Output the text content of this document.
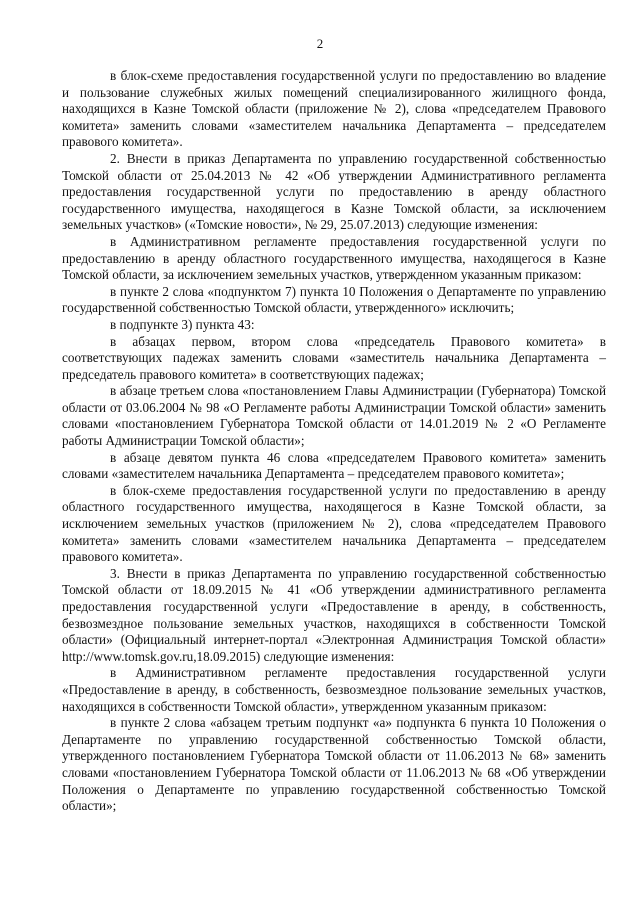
2

в блок-схеме предоставления государственной услуги по предоставлению во владение и пользование служебных жилых помещений специализированного жилищного фонда, находящихся в Казне Томской области (приложение № 2), слова «председателем Правового комитета» заменить словами «заместителем начальника Департамента – председателем правового комитета».

2. Внести в приказ Департамента по управлению государственной собственностью Томской области от 25.04.2013 № 42 «Об утверждении Административного регламента предоставления государственной услуги по предоставлению в аренду областного государственного имущества, находящегося в Казне Томской области, за исключением земельных участков» («Томские новости», № 29, 25.07.2013) следующие изменения:

в Административном регламенте предоставления государственной услуги по предоставлению в аренду областного государственного имущества, находящегося в Казне Томской области, за исключением земельных участков, утвержденном указанным приказом:

в пункте 2 слова «подпунктом 7) пункта 10 Положения о Департаменте по управлению государственной собственностью Томской области, утвержденного» исключить;

в подпункте 3) пункта 43:

в абзацах первом, втором слова «председатель Правового комитета» в соответствующих падежах заменить словами «заместитель начальника Департамента – председатель правового комитета» в соответствующих падежах;

в абзаце третьем слова «постановлением Главы Администрации (Губернатора) Томской области от 03.06.2004 № 98 «О Регламенте работы Администрации Томской области» заменить словами «постановлением Губернатора Томской области от 14.01.2019 № 2 «О Регламенте работы Администрации Томской области»;

в абзаце девятом пункта 46 слова «председателем Правового комитета» заменить словами «заместителем начальника Департамента – председателем правового комитета»;

в блок-схеме предоставления государственной услуги по предоставлению в аренду областного государственного имущества, находящегося в Казне Томской области, за исключением земельных участков (приложением № 2), слова «председателем Правового комитета» заменить словами «заместителем начальника Департамента – председателем правового комитета».

3. Внести в приказ Департамента по управлению государственной собственностью Томской области от 18.09.2015 № 41 «Об утверждении административного регламента предоставления государственной услуги «Предоставление в аренду, в собственность, безвозмездное пользование земельных участков, находящихся в собственности Томской области» (Официальный интернет-портал «Электронная Администрация Томской области» http://www.tomsk.gov.ru,18.09.2015) следующие изменения:

в Административном регламенте предоставления государственной услуги «Предоставление в аренду, в собственность, безвозмездное пользование земельных участков, находящихся в собственности Томской области», утвержденном указанным приказом:

в пункте 2 слова «абзацем третьим подпункт «а» подпункта 6 пункта 10 Положения о Департаменте по управлению государственной собственностью Томской области, утвержденного постановлением Губернатора Томской области от 11.06.2013 № 68» заменить словами «постановлением Губернатора Томской области от 11.06.2013 № 68 «Об утверждении Положения о Департаменте по управлению государственной собственностью Томской области»;
